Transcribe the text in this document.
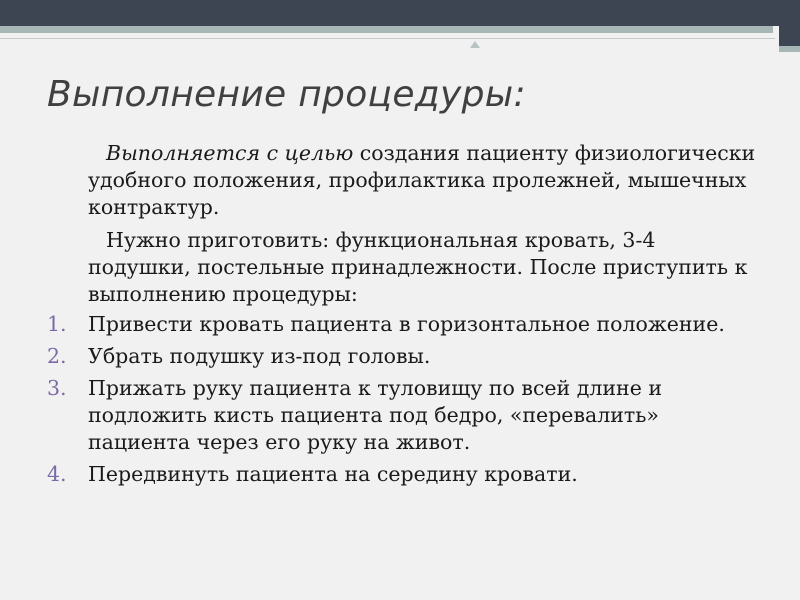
Выполнение процедуры:

Выполняется с целью создания пациенту физиологически удобного положения, профилактика пролежней, мышечных контрактур.

Нужно приготовить: функциональная кровать, 3-4 подушки, постельные принадлежности. После приступить к выполнению процедуры:

1. Привести кровать пациента в горизонтальное положение.
2. Убрать подушку из-под головы.
3. Прижать руку пациента к туловищу по всей длине и подложить кисть пациента под бедро, «перевалить» пациента через его руку на живот.
4. Передвинуть пациента на середину кровати.
